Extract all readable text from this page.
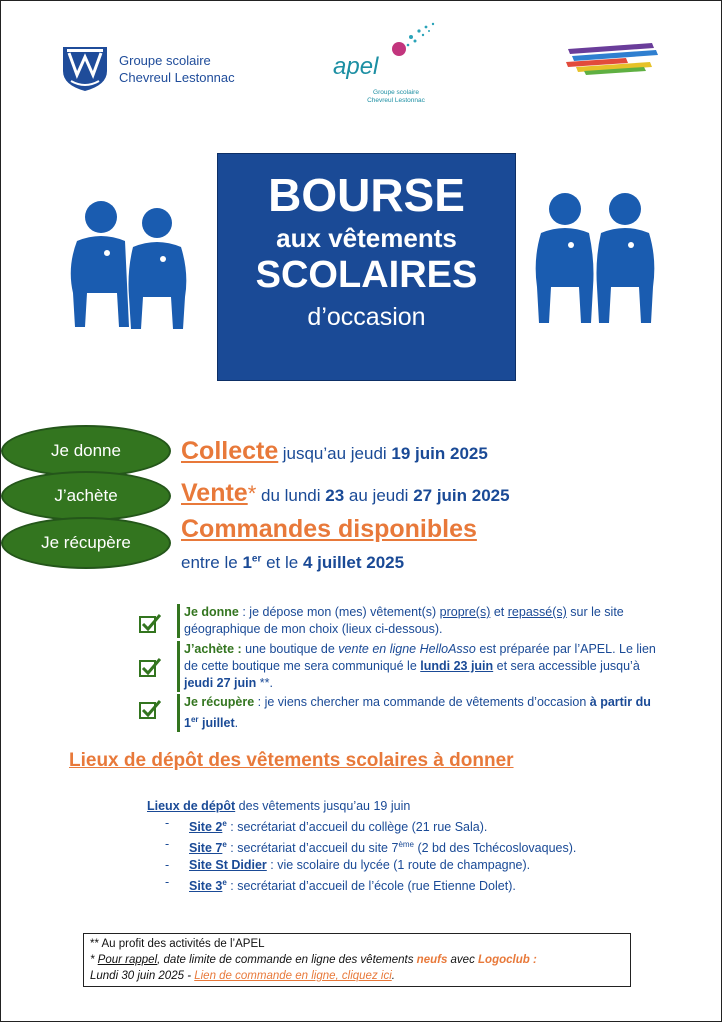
Groupe scolaire
Chevreul Lestonnac	apel
Groupe scolaire
Chevreul Lestonnac
BOURSE
aux vêtements
SCOLAIRES
d’occasion
Je donne
J’achète
Je récupère
Collecte jusqu’au jeudi 19 juin 2025
Vente* du lundi 23 au jeudi 27 juin 2025
Commandes disponibles
entre le 1er et le 4 juillet 2025
Je donne : je dépose mon (mes) vêtement(s) propre(s) et repassé(s) sur le site géographique de mon choix (lieux ci-dessous).
J’achète : une boutique de vente en ligne HelloAsso est préparée par l’APEL. Le lien de cette boutique me sera communiqué le lundi 23 juin et sera accessible jusqu’à jeudi 27 juin **.
Je récupère : je viens chercher ma commande de vêtements d’occasion à partir du 1er juillet.
Lieux de dépôt des vêtements scolaires à donner
Lieux de dépôt des vêtements jusqu’au 19 juin
- Site 2e : secrétariat d’accueil du collège (21 rue Sala).
- Site 7e : secrétariat d’accueil du site 7ème (2 bd des Tchécoslovaques).
- Site St Didier : vie scolaire du lycée (1 route de champagne).
- Site 3e : secrétariat d’accueil de l’école (rue Etienne Dolet).
** Au profit des activités de l’APEL
* Pour rappel, date limite de commande en ligne des vêtements neufs avec Logoclub :
Lundi 30 juin 2025 - Lien de commande en ligne, cliquez ici.
